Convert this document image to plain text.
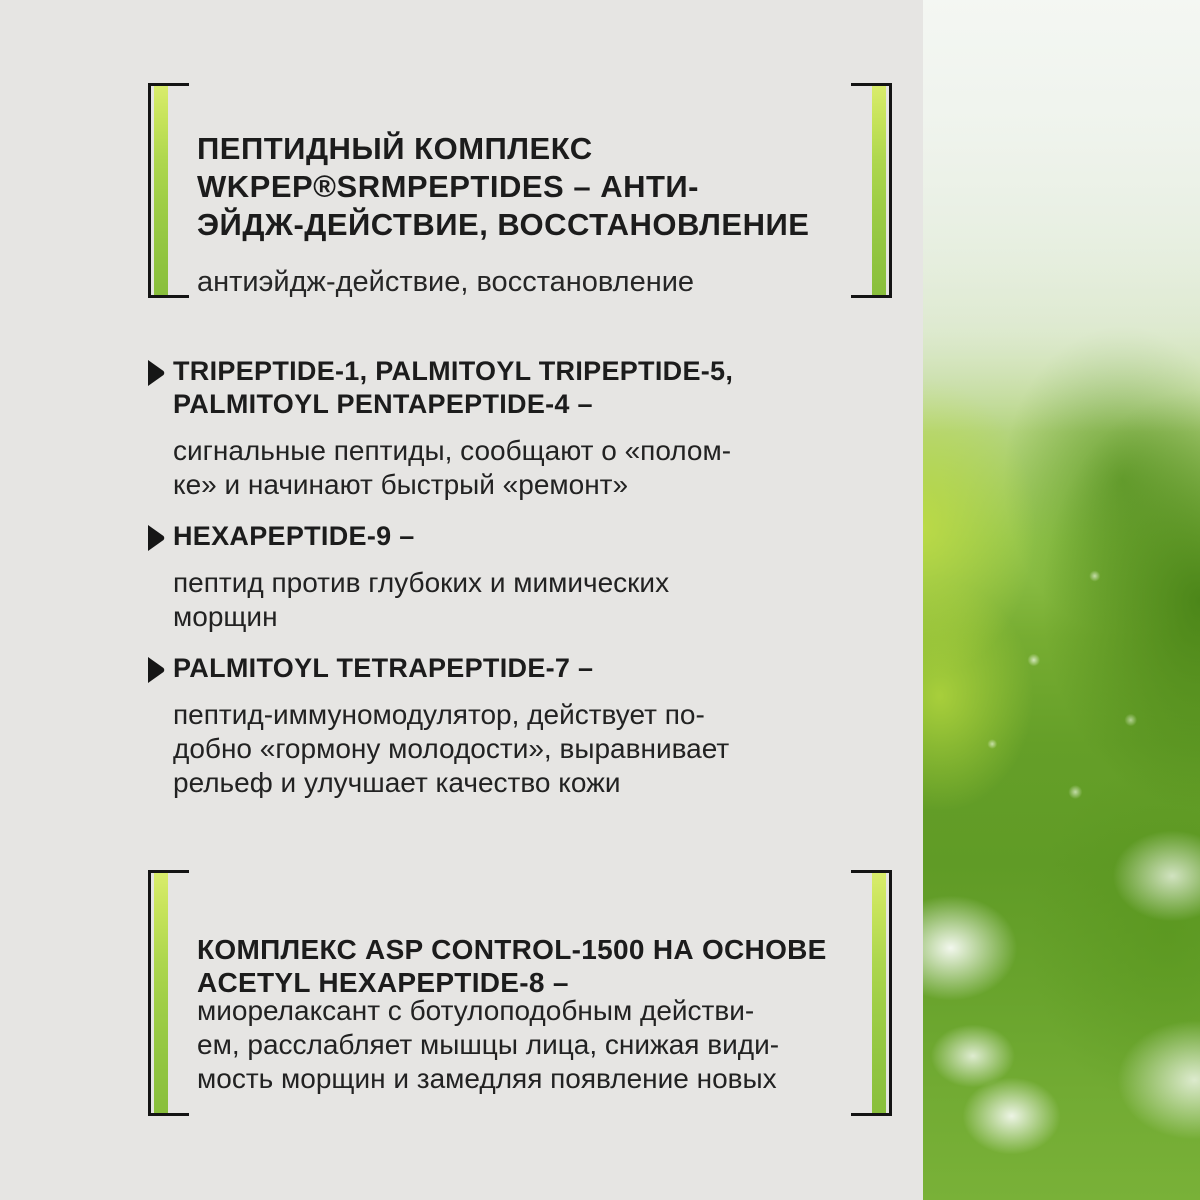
ПЕПТИДНЫЙ КОМПЛЕКС
WKPEP®SRMPEPTIDES – АНТИ-
ЭЙДЖ-ДЕЙСТВИЕ, ВОССТАНОВЛЕНИЕ

антиэйдж-действие, восстановление

TRIPEPTIDE-1, PALMITOYL TRIPEPTIDE-5,
PALMITOYL PENTAPEPTIDE-4 –
сигнальные пептиды, сообщают о «полом-
ке» и начинают быстрый «ремонт»
HEXAPEPTIDE-9 –
пептид против глубоких и мимических
морщин
PALMITOYL TETRAPEPTIDE-7 –
пептид-иммуномодулятор, действует по-
добно «гормону молодости», выравнивает
рельеф и улучшает качество кожи
КОМПЛЕКС ASP CONTROL-1500 НА ОСНОВЕ
ACETYL HEXAPEPTIDE-8 –
миорелаксант с ботулоподобным действи-
ем, расслабляет мышцы лица, снижая види-
мость морщин и замедляя появление новых
